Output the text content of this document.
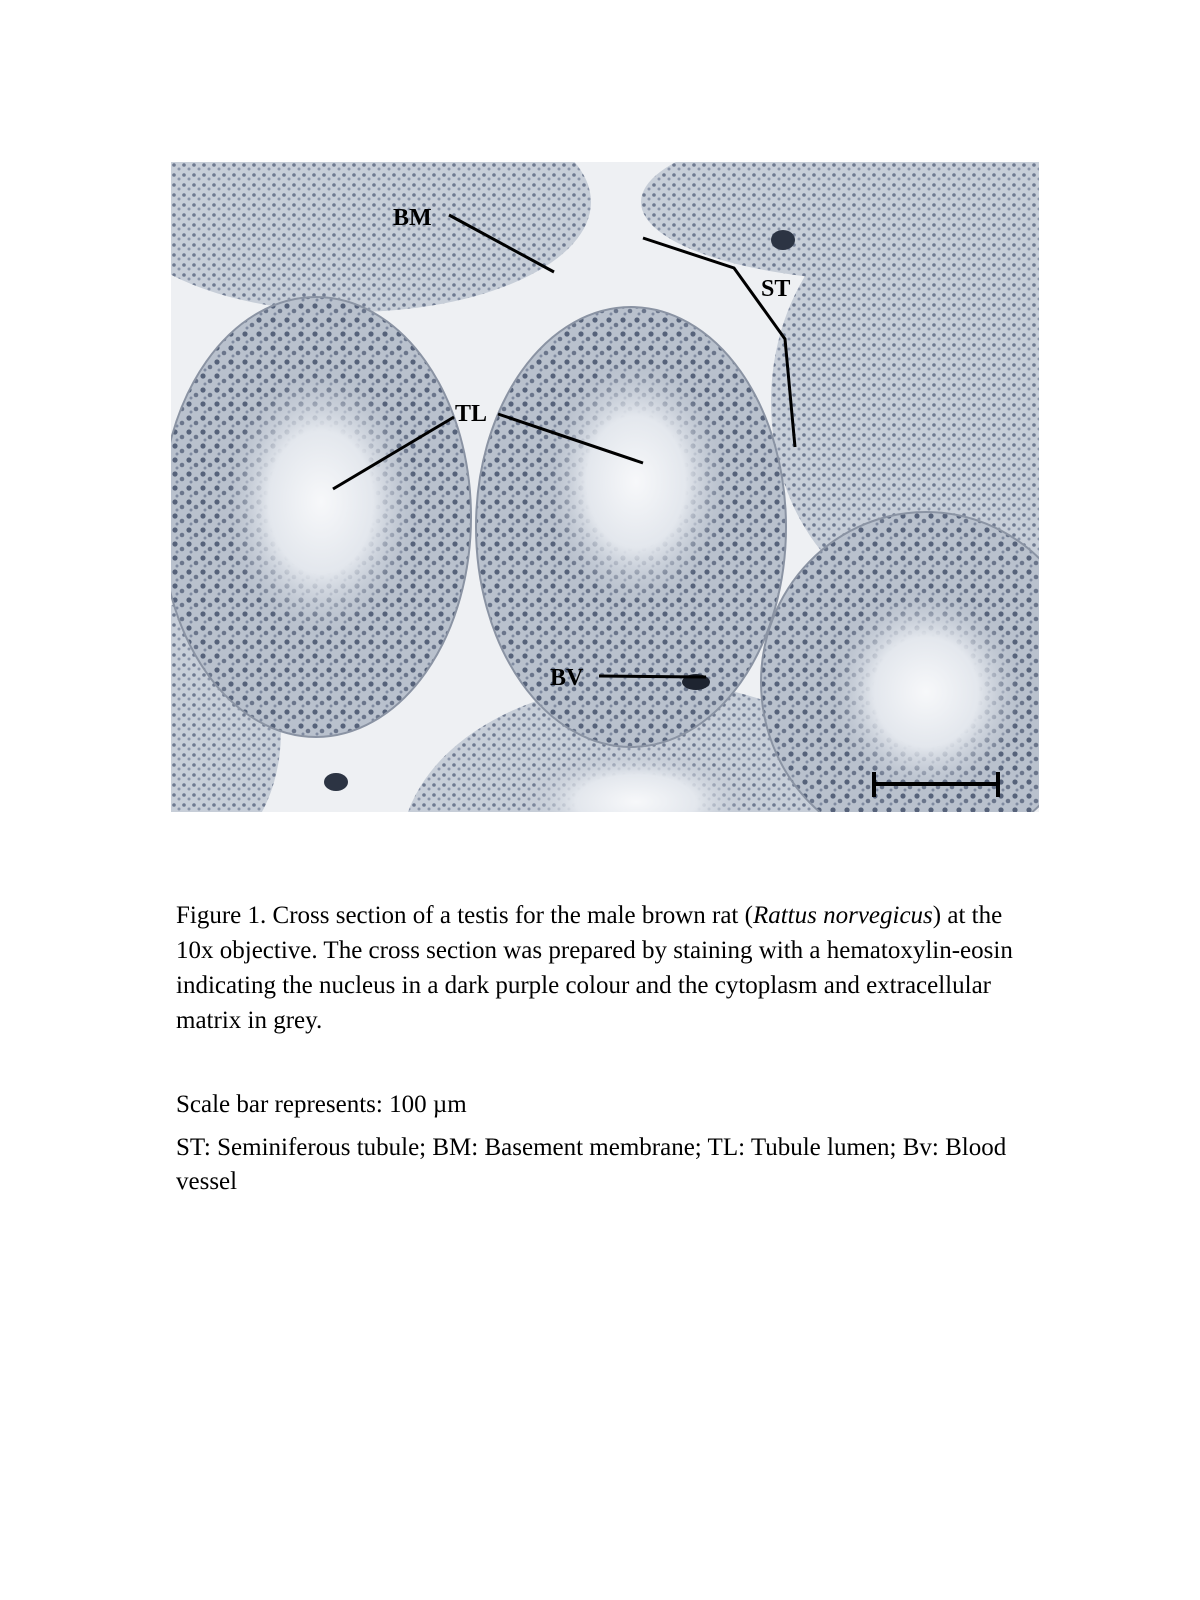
BM
ST
TL
BV

Figure 1. Cross section of a testis for the male brown rat (Rattus norvegicus) at the 10x objective. The cross section was prepared by staining with a hematoxylin-eosin indicating the nucleus in a dark purple colour and the cytoplasm and extracellular matrix in grey.

Scale bar represents: 100 µm
ST: Seminiferous tubule; BM: Basement membrane; TL: Tubule lumen; Bv: Blood vessel
